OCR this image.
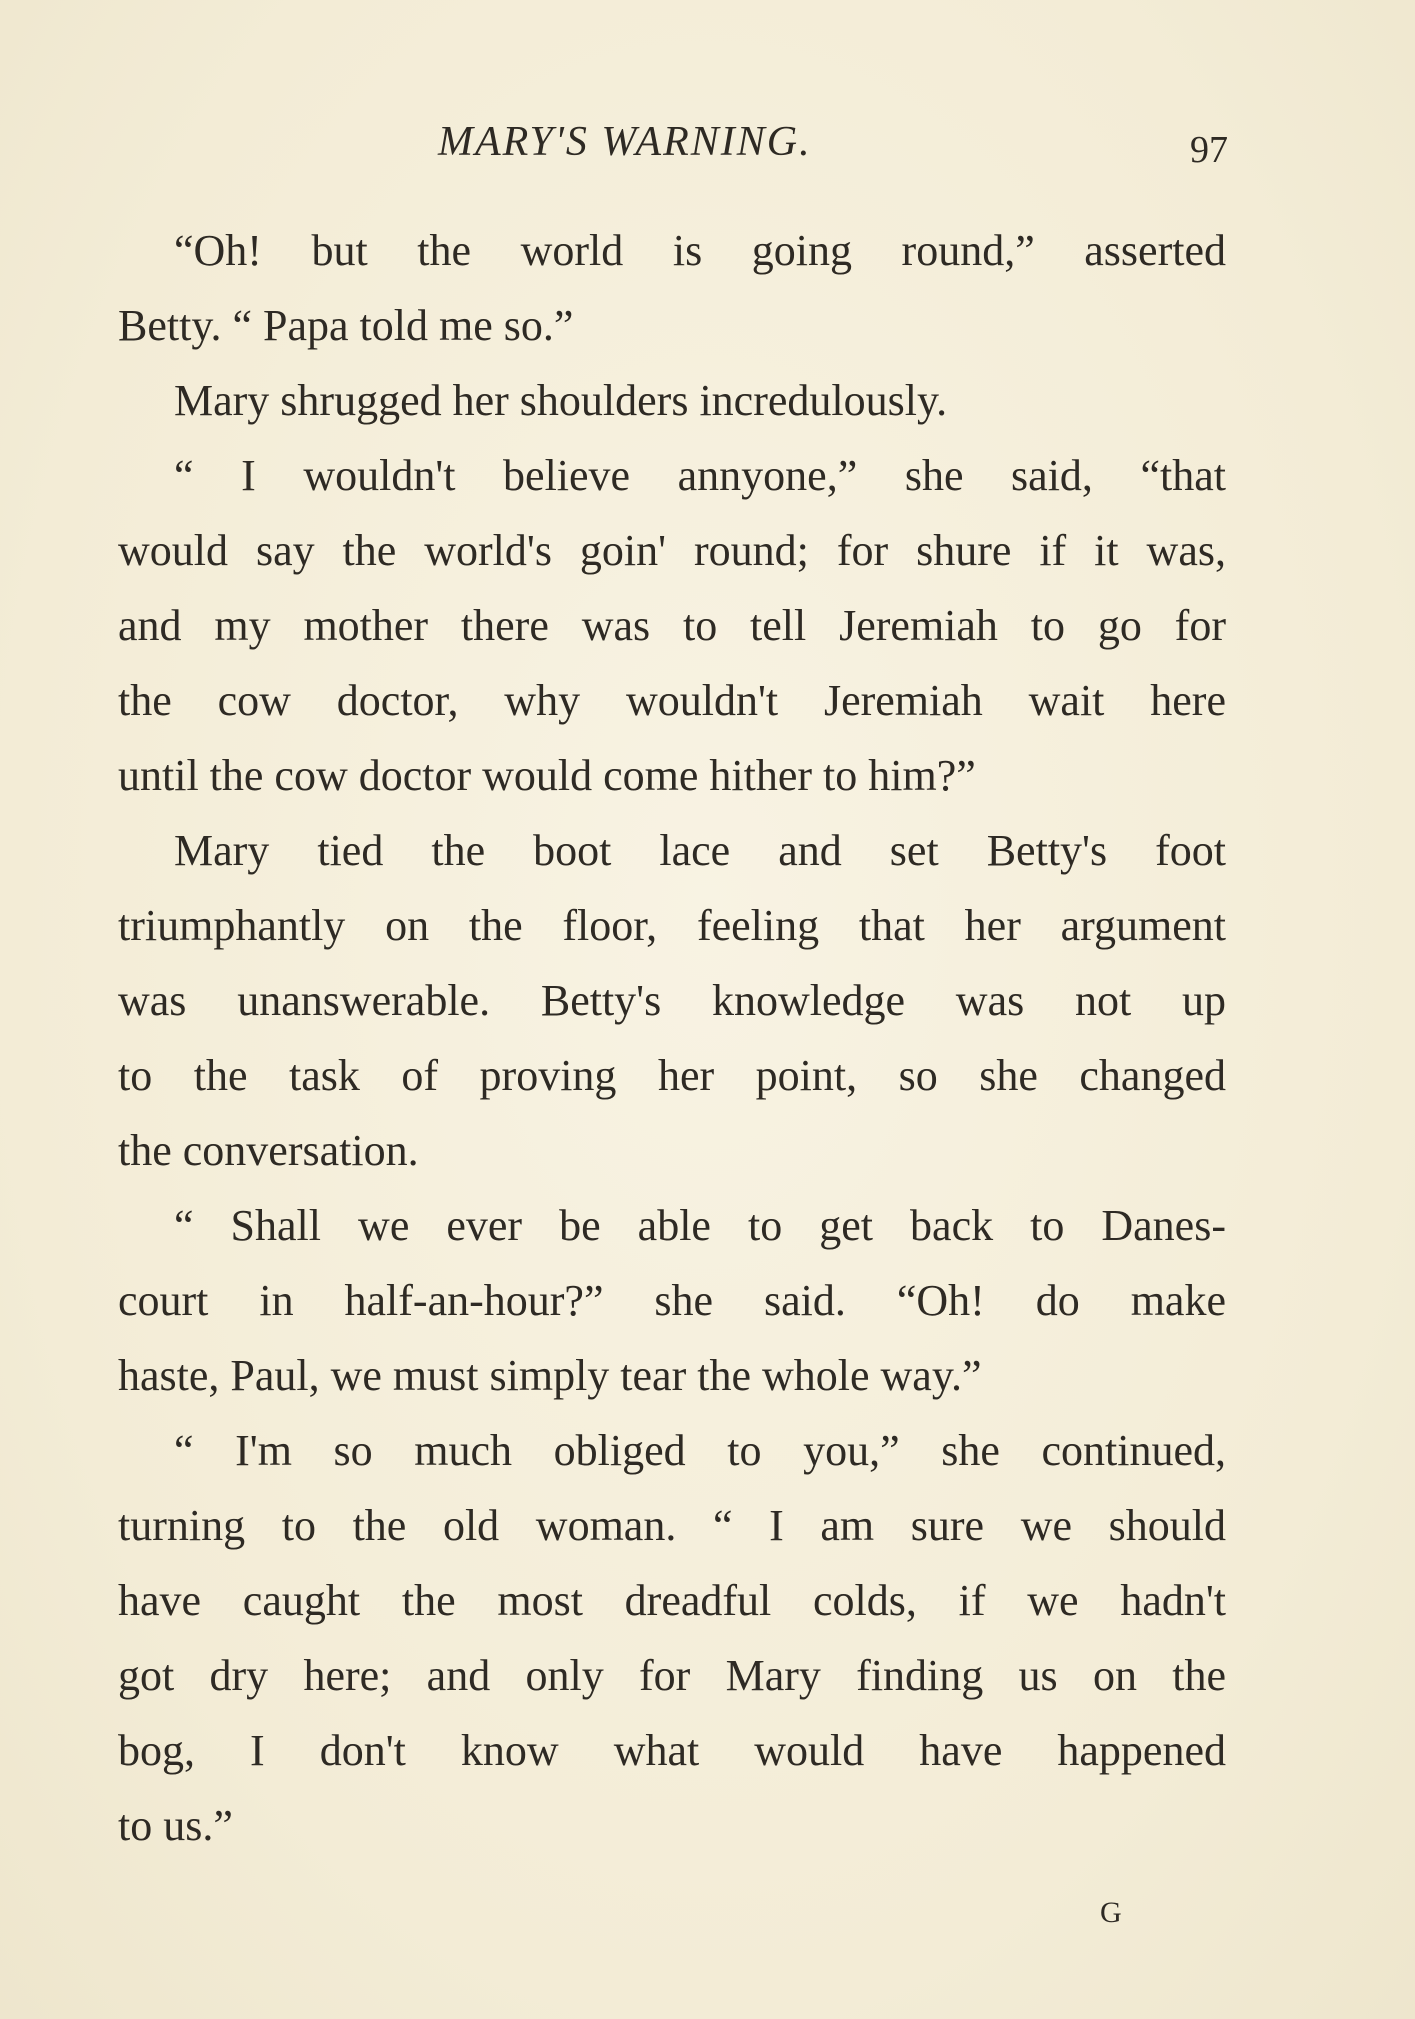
MARY'S WARNING.	97
“Oh! but the world is going round,” asserted
Betty. “ Papa told me so.”
Mary shrugged her shoulders incredulously.
“ I wouldn't believe annyone,” she said, “that
would say the world's goin' round; for shure if it was,
and my mother there was to tell Jeremiah to go for
the cow doctor, why wouldn't Jeremiah wait here
until the cow doctor would come hither to him?”
Mary tied the boot lace and set Betty's foot
triumphantly on the floor, feeling that her argument
was unanswerable. Betty's knowledge was not up
to the task of proving her point, so she changed
the conversation.
“ Shall we ever be able to get back to Danes-
court in half-an-hour?” she said. “Oh! do make
haste, Paul, we must simply tear the whole way.”
“ I'm so much obliged to you,” she continued,
turning to the old woman. “ I am sure we should
have caught the most dreadful colds, if we hadn't
got dry here; and only for Mary finding us on the
bog, I don't know what would have happened
to us.”
G
